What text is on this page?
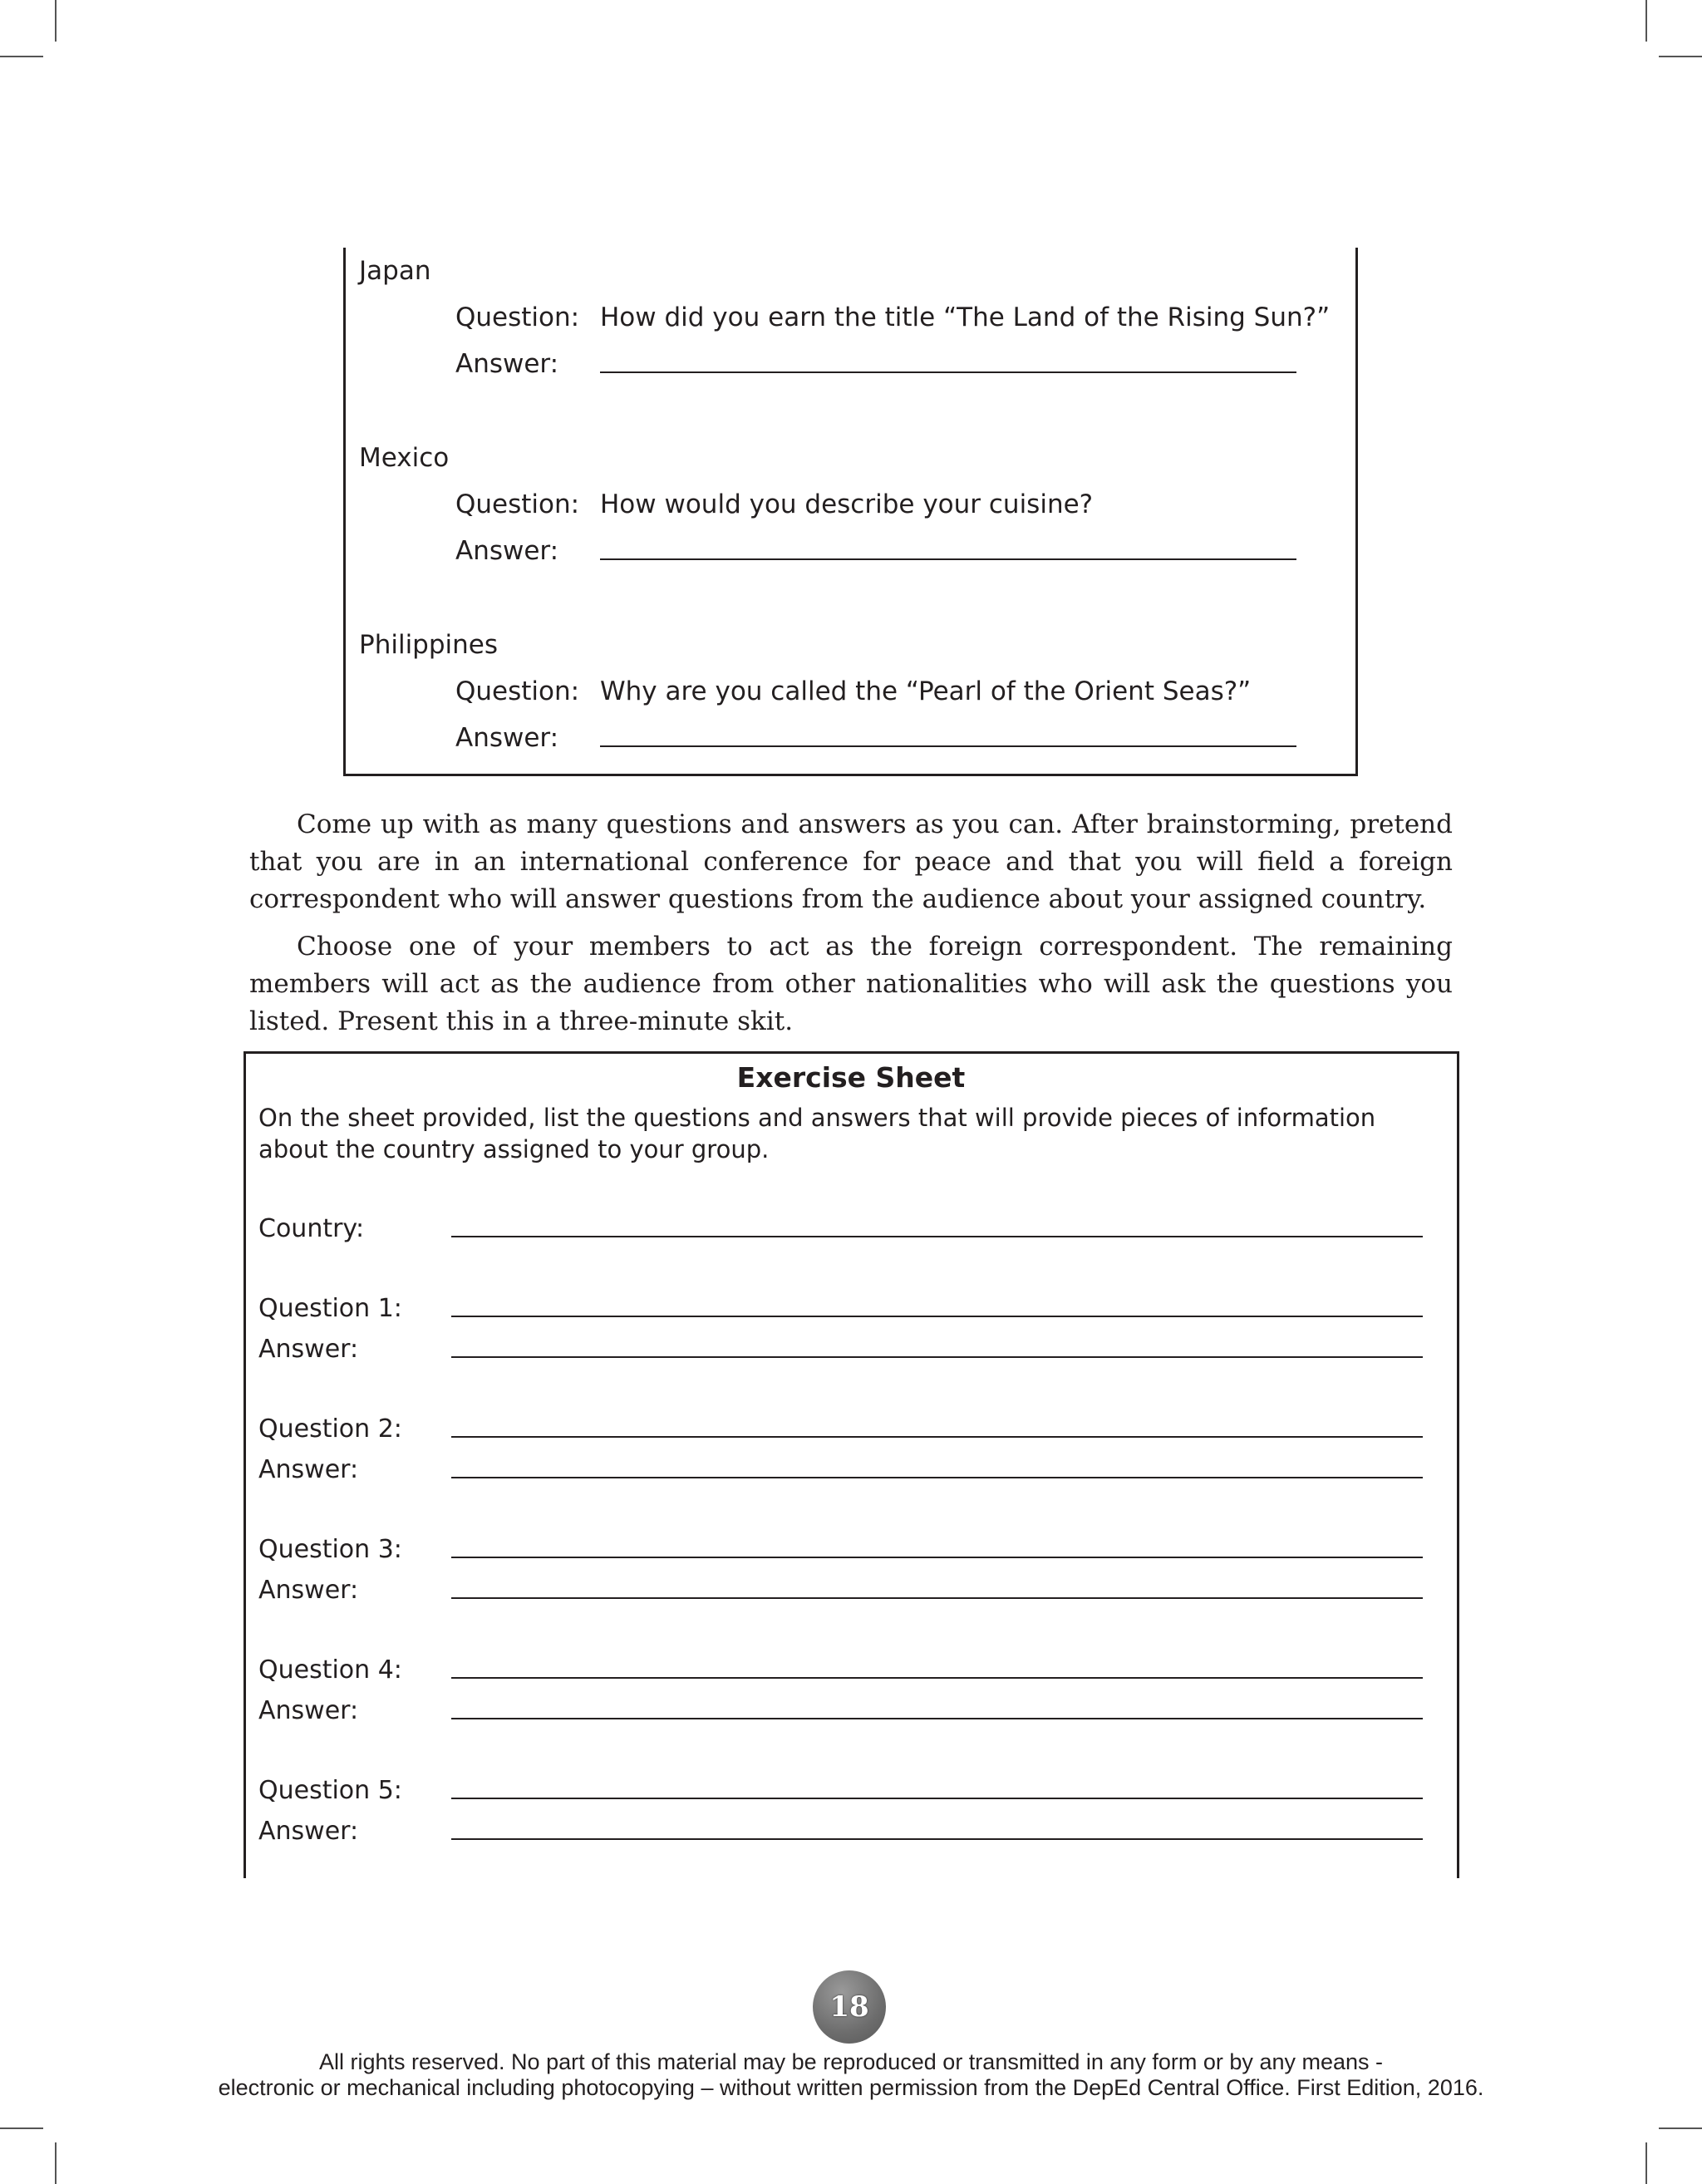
Japan
Question: How did you earn the title “The Land of the Rising Sun?”
Answer:
Mexico
Question: How would you describe your cuisine?
Answer:
Philippines
Question: Why are you called the “Pearl of the Orient Seas?”
Answer:

Come up with as many questions and answers as you can. After brainstorming, pretend that you are in an international conference for peace and that you will field a foreign correspondent who will answer questions from the audience about your assigned country.

Choose one of your members to act as the foreign correspondent. The remaining members will act as the audience from other nationalities who will ask the questions you listed. Present this in a three-minute skit.

Exercise Sheet
On the sheet provided, list the questions and answers that will provide pieces of information about the country assigned to your group.
Country:
Question 1:
Answer:
Question 2:
Answer:
Question 3:
Answer:
Question 4:
Answer:
Question 5:
Answer:
18
All rights reserved. No part of this material may be reproduced or transmitted in any form or by any means -
electronic or mechanical including photocopying – without written permission from the DepEd Central Office. First Edition, 2016.
